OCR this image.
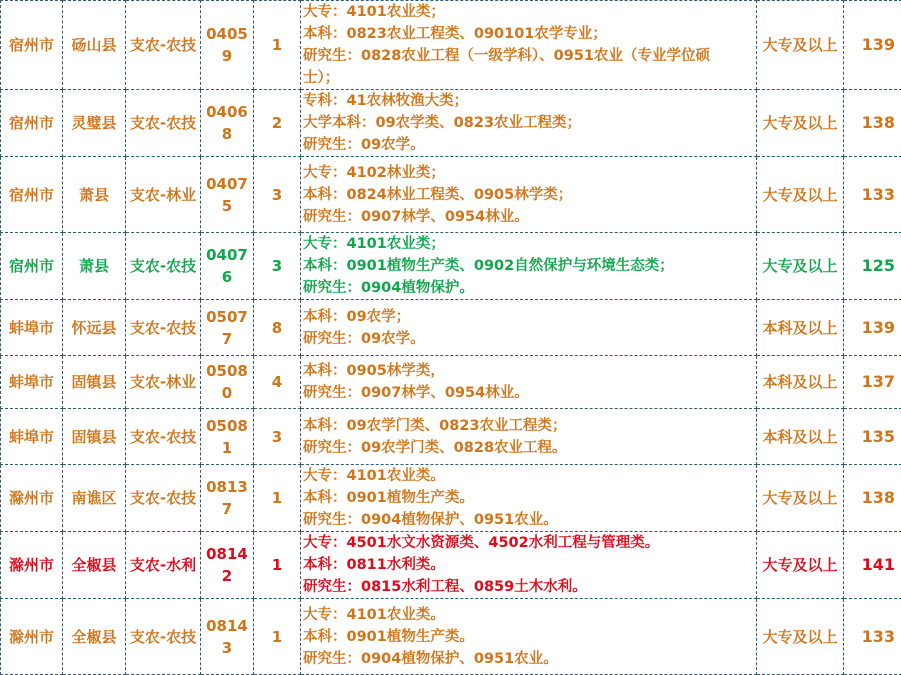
宿州市	砀山县	支农-农技	04059	1	大专：4101农业类；
本科：0823农业工程类、090101农学专业；
研究生：0828农业工程（一级学科）、0951农业（专业学位硕
士）；	大专及以上	139
宿州市	灵璧县	支农-农技	04068	2	专科：41农林牧渔大类；
大学本科：09农学类、0823农业工程类；
研究生：09农学。	大专及以上	138
宿州市	萧县	支农-林业	04075	3	大专：4102林业类；
本科：0824林业工程类、0905林学类；
研究生：0907林学、0954林业。	大专及以上	133
宿州市	萧县	支农-农技	04076	3	大专：4101农业类；
本科：0901植物生产类、0902自然保护与环境生态类；
研究生：0904植物保护。	大专及以上	125
蚌埠市	怀远县	支农-农技	05077	8	本科：09农学；
研究生：09农学。	本科及以上	139
蚌埠市	固镇县	支农-林业	05080	4	本科：0905林学类，
研究生：0907林学、0954林业。	本科及以上	137
蚌埠市	固镇县	支农-农技	05081	3	本科：09农学门类、0823农业工程类；
研究生：09农学门类、0828农业工程。	本科及以上	135
滁州市	南谯区	支农-农技	08137	1	大专：4101农业类。
本科：0901植物生产类。
研究生：0904植物保护、0951农业。	大专及以上	138
滁州市	全椒县	支农-水利	08142	1	大专：4501水文水资源类、4502水利工程与管理类。
本科：0811水利类。
研究生：0815水利工程、0859土木水利。	大专及以上	141
滁州市	全椒县	支农-农技	08143	1	大专：4101农业类。
本科：0901植物生产类。
研究生：0904植物保护、0951农业。	大专及以上	133
